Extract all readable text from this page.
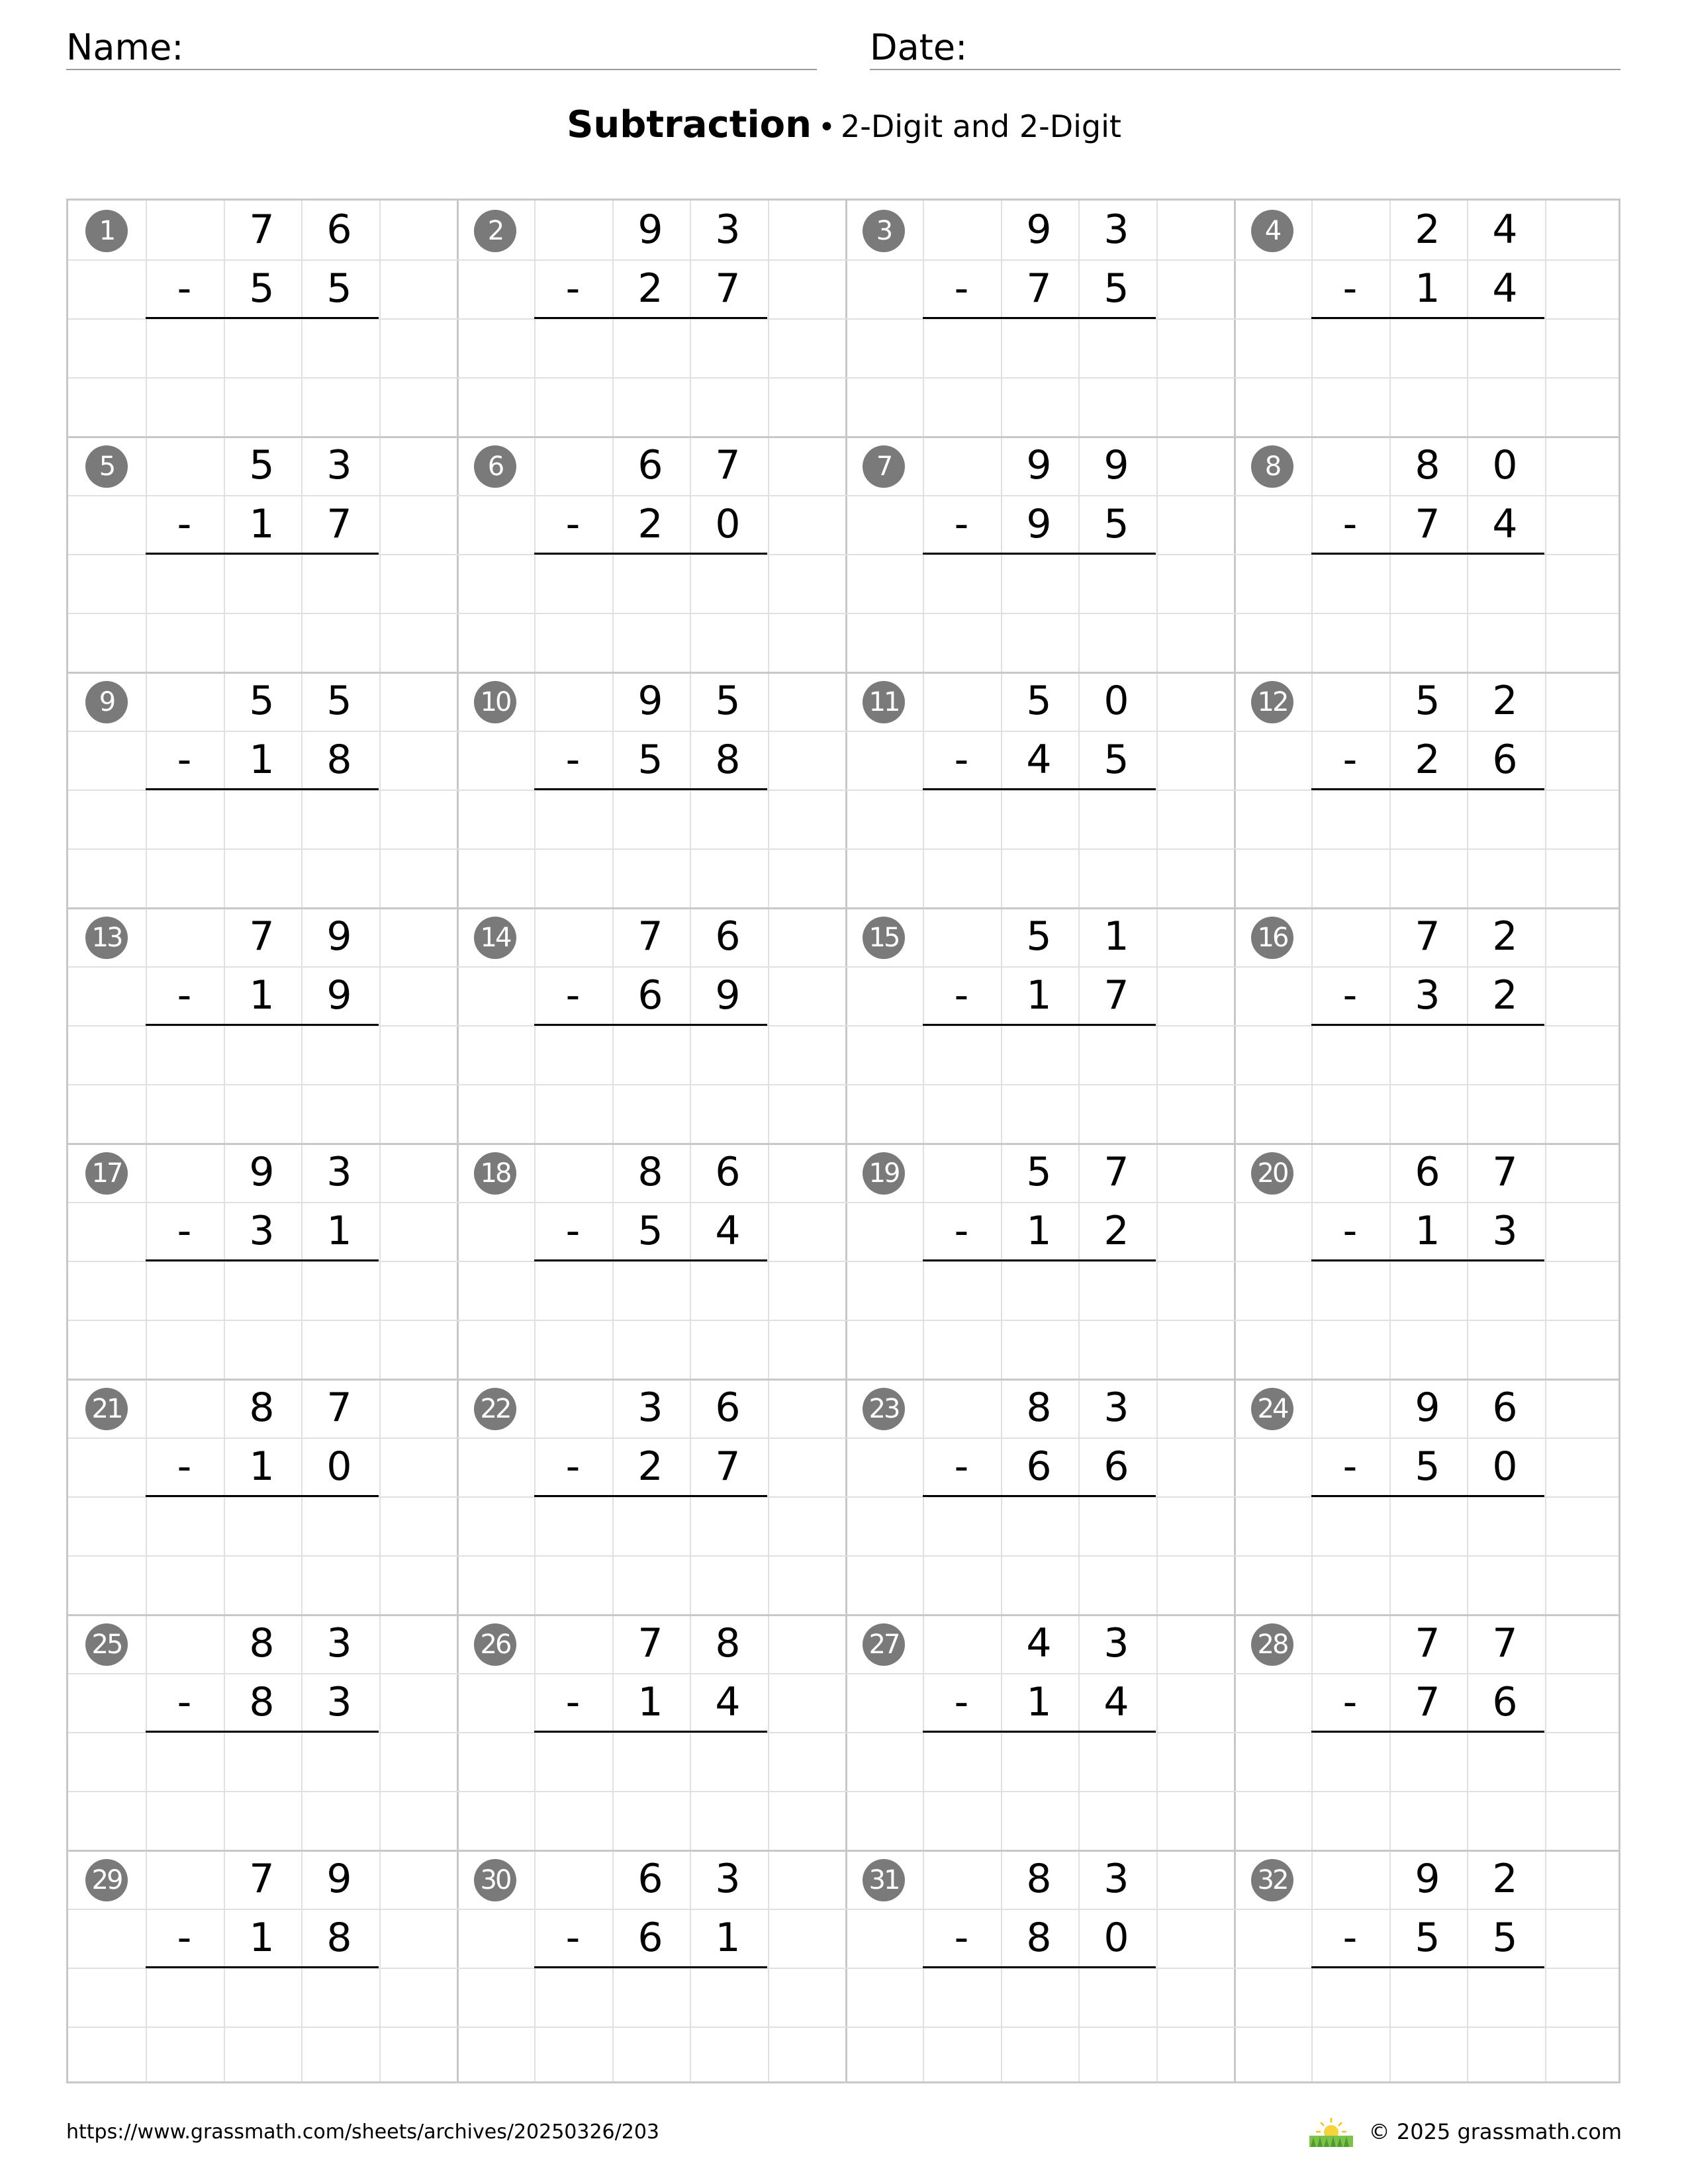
Name:	Date:
Subtraction • 2-Digit and 2-Digit
1	7	6
-	5	5
2	9	3
-	2	7
3	9	3
-	7	5
4	2	4
-	1	4
5	5	3
-	1	7
6	6	7
-	2	0
7	9	9
-	9	5
8	8	0
-	7	4
9	5	5
-	1	8
10	9	5
-	5	8
11	5	0
-	4	5
12	5	2
-	2	6
13	7	9
-	1	9
14	7	6
-	6	9
15	5	1
-	1	7
16	7	2
-	3	2
17	9	3
-	3	1
18	8	6
-	5	4
19	5	7
-	1	2
20	6	7
-	1	3
21	8	7
-	1	0
22	3	6
-	2	7
23	8	3
-	6	6
24	9	6
-	5	0
25	8	3
-	8	3
26	7	8
-	1	4
27	4	3
-	1	4
28	7	7
-	7	6
29	7	9
-	1	8
30	6	3
-	6	1
31	8	3
-	8	0
32	9	2
-	5	5
https://www.grassmath.com/sheets/archives/20250326/203	© 2025 grassmath.com
